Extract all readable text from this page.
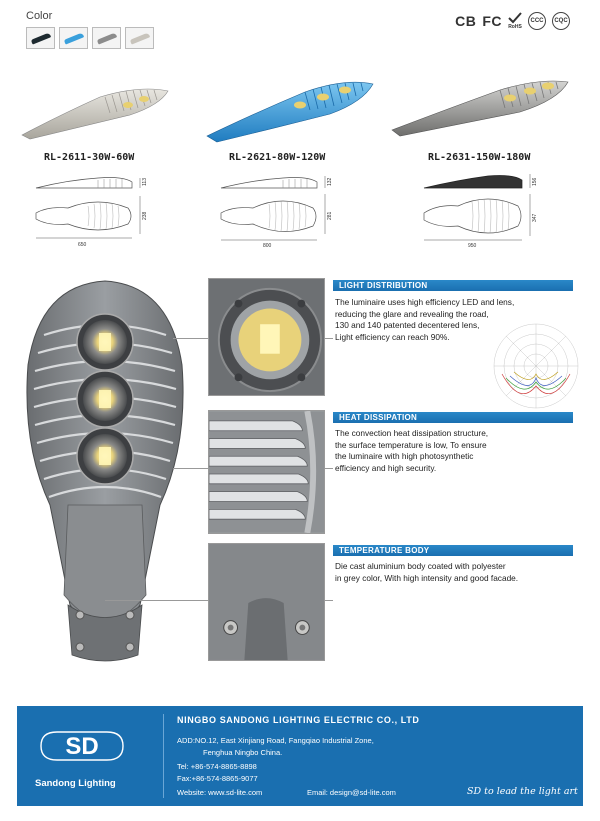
Color	CB FC RoHS
CCC	CQC
RL-2611-30W-60W	RL-2621-80W-120W	RL-2631-150W-180W
113
238
650
132
281
800
156
347
950
LIGHT DISTRIBUTION
The luminaire uses high efficiency LED and lens,
reducing the glare and revealing the road,
130 and 140 patented decentered lens,
Light efficiency can reach 90%.
HEAT DISSIPATION
The convection heat dissipation structure,
the surface temperature is low, To ensure
the luminaire with high photosynthetic
efficiency and high security.
TEMPERATURE BODY
Die cast aluminium body coated with polyester
in grey color, With high intensity and good facade.
SD
Sandong Lighting
NINGBO SANDONG LIGHTING ELECTRIC CO., LTD
ADD:NO.12, East Xinjiang Road, Fangqiao Industrial Zone,
Fenghua Ningbo China.
Tel: +86-574-8865-8898
Fax:+86-574-8865-9077
Website: www.sd-lite.com	Email: design@sd-lite.com	SD to lead the light art
